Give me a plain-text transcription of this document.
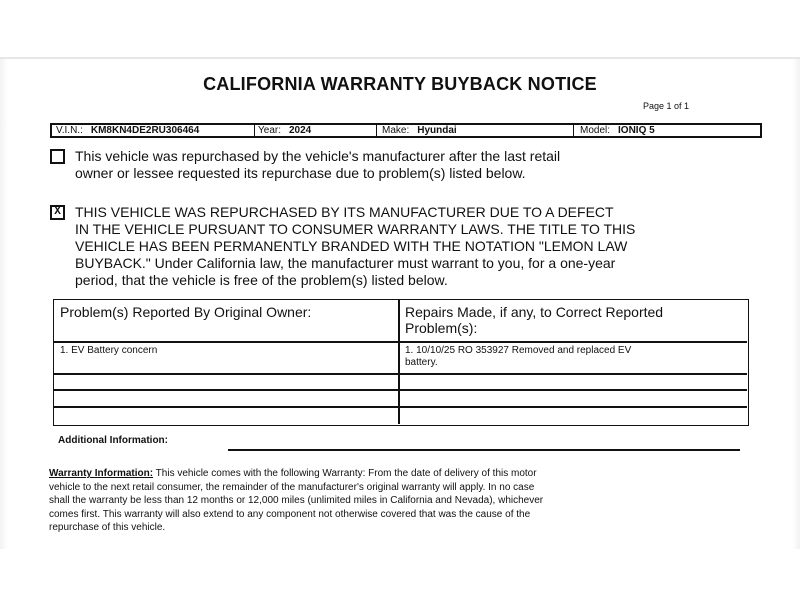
CALIFORNIA WARRANTY BUYBACK NOTICE
Page 1 of 1
V.I.N.: KM8KN4DE2RU306464	Year: 2024	Make: Hyundai	Model: IONIQ 5
This vehicle was repurchased by the vehicle's manufacturer after the last retail
owner or lessee requested its repurchase due to problem(s) listed below.
X	THIS VEHICLE WAS REPURCHASED BY ITS MANUFACTURER DUE TO A DEFECT
IN THE VEHICLE PURSUANT TO CONSUMER WARRANTY LAWS. THE TITLE TO THIS
VEHICLE HAS BEEN PERMANENTLY BRANDED WITH THE NOTATION "LEMON LAW
BUYBACK." Under California law, the manufacturer must warrant to you, for a one-year
period, that the vehicle is free of the problem(s) listed below.
Problem(s) Reported By Original Owner:	Repairs Made, if any, to Correct Reported
Problem(s):
1. EV Battery concern	1. 10/10/25 RO 353927 Removed and replaced EV
battery.
Additional Information:
Warranty Information: This vehicle comes with the following Warranty: From the date of delivery of this motor
vehicle to the next retail consumer, the remainder of the manufacturer's original warranty will apply. In no case
shall the warranty be less than 12 months or 12,000 miles (unlimited miles in California and Nevada), whichever
comes first. This warranty will also extend to any component not otherwise covered that was the cause of the
repurchase of this vehicle.
